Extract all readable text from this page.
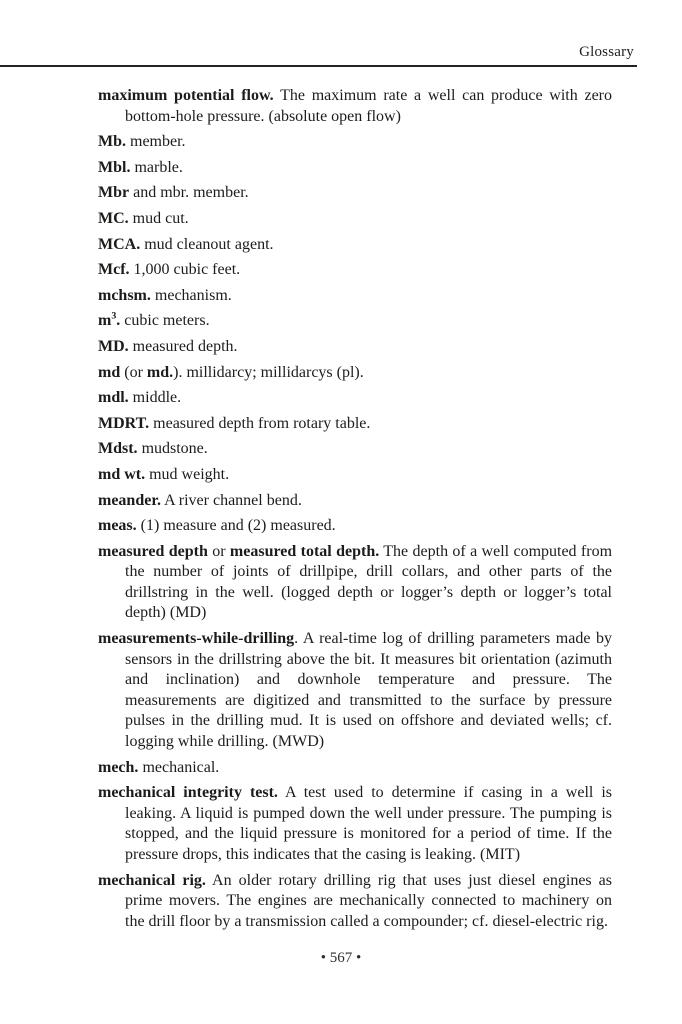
Glossary

maximum potential flow. The maximum rate a well can produce with zero bottom-hole pressure. (absolute open flow)

Mb. member.

Mbl. marble.

Mbr and mbr. member.

MC. mud cut.

MCA. mud cleanout agent.

Mcf. 1,000 cubic feet.

mchsm. mechanism.

$m^3$. cubic meters.

MD. measured depth.

md (or md.). millidarcy; millidarcys (pl).

mdl. middle.

MDRT. measured depth from rotary table.

Mdst. mudstone.

md wt. mud weight.

meander. A river channel bend.

meas. (1) measure and (2) measured.

measured depth or measured total depth. The depth of a well computed from the number of joints of drillpipe, drill collars, and other parts of the drillstring in the well. (logged depth or logger’s depth or logger’s total depth) (MD)

measurements-while-drilling. A real-time log of drilling parameters made by sensors in the drillstring above the bit. It measures bit orientation (azimuth and inclination) and downhole temperature and pressure. The measurements are digitized and transmitted to the surface by pressure pulses in the drilling mud. It is used on offshore and deviated wells; cf. logging while drilling. (MWD)

mech. mechanical.

mechanical integrity test. A test used to determine if casing in a well is leaking. A liquid is pumped down the well under pressure. The pumping is stopped, and the liquid pressure is monitored for a period of time. If the pressure drops, this indicates that the casing is leaking. (MIT)

mechanical rig. An older rotary drilling rig that uses just diesel engines as prime movers. The engines are mechanically connected to machinery on the drill floor by a transmission called a compounder; cf. diesel-electric rig.

• 567 •
